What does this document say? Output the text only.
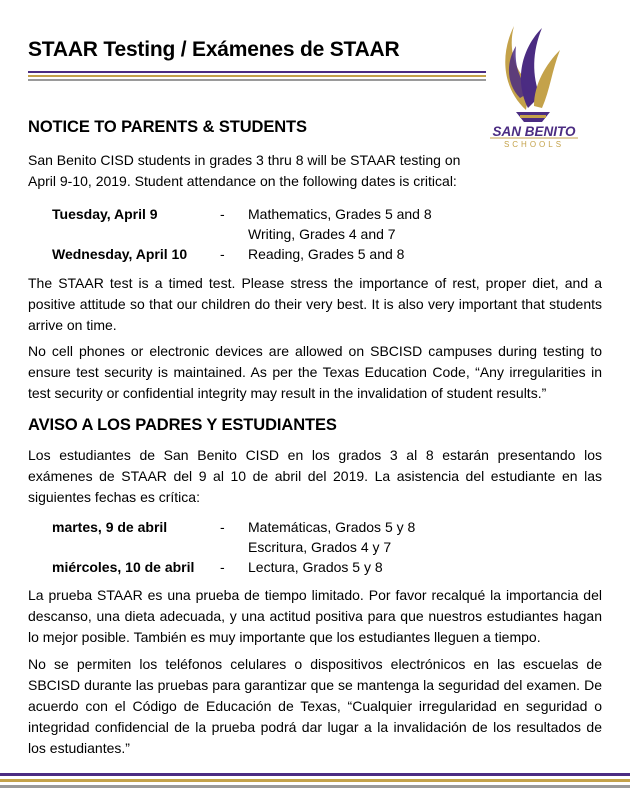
STAAR Testing / Exámenes de STAAR
SAN BENITO
SCHOOLS
NOTICE TO PARENTS & STUDENTS
San Benito CISD students in grades 3 thru 8 will be STAAR testing on April 9-10, 2019. Student attendance on the following dates is critical:
Tuesday, April 9	- Mathematics, Grades 5 and 8
Writing, Grades 4 and 7
Wednesday, April 10 - Reading, Grades 5 and 8
The STAAR test is a timed test. Please stress the importance of rest, proper diet, and a positive attitude so that our children do their very best. It is also very important that students arrive on time.
No cell phones or electronic devices are allowed on SBCISD campuses during testing to ensure test security is maintained. As per the Texas Education Code, “Any irregularities in test security or confidential integrity may result in the invalidation of student results.”
AVISO A LOS PADRES Y ESTUDIANTES
Los estudiantes de San Benito CISD en los grados 3 al 8 estarán presentando los exámenes de STAAR del 9 al 10 de abril del 2019. La asistencia del estudiante en las siguientes fechas es crítica:
martes, 9 de abril	- Matemáticas, Grados 5 y 8
Escritura, Grados 4 y 7
miércoles, 10 de abril - Lectura, Grados 5 y 8
La prueba STAAR es una prueba de tiempo limitado. Por favor recalqué la importancia del descanso, una dieta adecuada, y una actitud positiva para que nuestros estudiantes hagan lo mejor posible. También es muy importante que los estudiantes lleguen a tiempo.
No se permiten los teléfonos celulares o dispositivos electrónicos en las escuelas de SBCISD durante las pruebas para garantizar que se mantenga la seguridad del examen. De acuerdo con el Código de Educación de Texas, “Cualquier irregularidad en seguridad o integridad confidencial de la prueba podrá dar lugar a la invalidación de los resultados de los estudiantes.”
